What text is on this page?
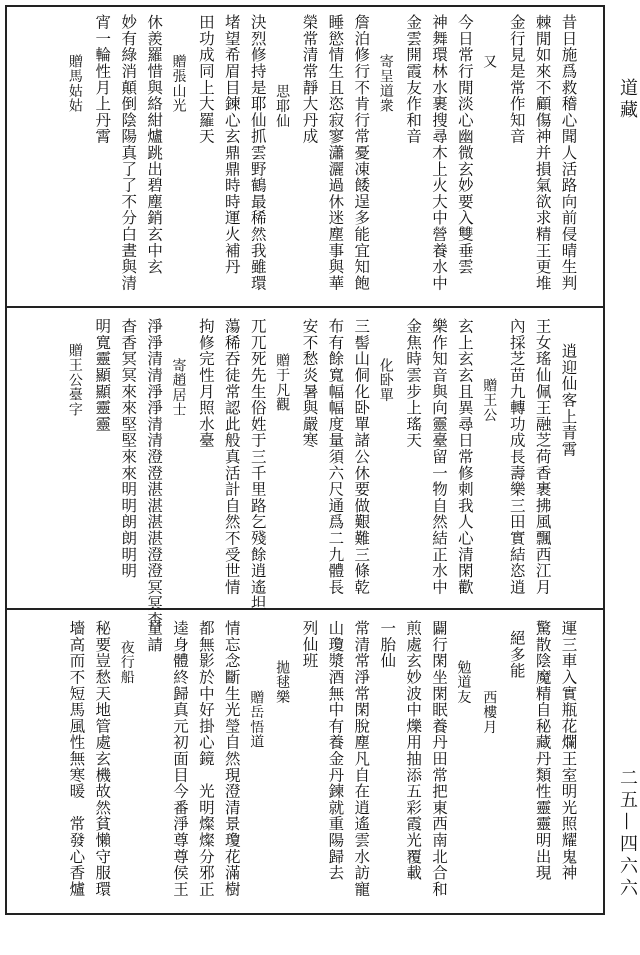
道藏
二五—四六六
昔日施爲救稽心聞人活路向前侵晴生判
棘閒如來不顧傷神并損氣欲求精王更堆
金行見是常作知音
又
今日常行閒淡心幽微玄妙要入雙垂雲
神舞環林水裹搜尋木上火大中營養水中
金雲開霞友作和音
寄呈道衆
詹泊修行不肯行常憂凍餧逞多能宜知飽
睡慾情生且恣寂寥瀟灑過休迷塵事與華
榮常清常靜大丹成
思耶仙
決烈修持是耶仙抓雲野鶴最稀然我雖環
堵望希眉目鍊心玄鼎鼎時時運火補丹
田功成同上大羅天
贈張山光
休羨羅惜與絡紺爐跳出碧塵銷玄中玄
妙有綠消顛倒陰陽真了了不分白晝與清
宵一輪性月上丹霄
贈馬姑姑
逍迎仙客上青霄
王女瑤仙佩王融芝荷香裹拂風飄西江月
內採芝苗九轉功成長壽樂三田實結恣逍
贈王公
玄上玄玄且異尋日常修刺我人心清閑歡
樂作知音與向靈臺留一物自然結正水中
金焦時雲步上瑤天
化卧單
三髻山侗化卧單諸公休要做艱難三條乾
布有餘寬幅幅度量須六尺通爲二九體長
安不愁炎暑與嚴寒
贈于凡觀
兀兀死先生俗姓于三千里路乞殘餘逍遙坦
蕩稀吞徒常認此般真活計自然不受世情
拘修完性月照水臺
寄趙居士
淨淨清清淨淨清清澄澄湛湛湛湛澄澄冥冥杳
杳香冥冥來來堅堅來來明明朗朗明明
明寬靈顯顯靈靈
贈王公臺字
運三車入實瓶花爛王室明光照耀鬼神
驚散陰魔精自秘藏丹類性靈靈明出現
絕多能
西樓月
勉道友
闢行閑坐閑眠養丹田常把東西南北合和
煎處玄妙波中爍用抽添五彩霞光覆載
一胎仙
常清常淨常閑脫塵凡自在逍遙雲水訪寵
山瓊漿酒無中有養金丹鍊就重陽歸去
列仙班
拋毬樂
贈岳悟道
情忘念斷生光瑩自然現澄清景瓊花滿樹
都無影於中好掛心鏡　光明燦燦分邪正
逵身體終歸真元初面目今番淨尊尊侯王
童請
夜行船
秘要豈愁天地管處玄機故然貧懶守服環
墻高而不短馬風性無寒暖　常發心香爐
